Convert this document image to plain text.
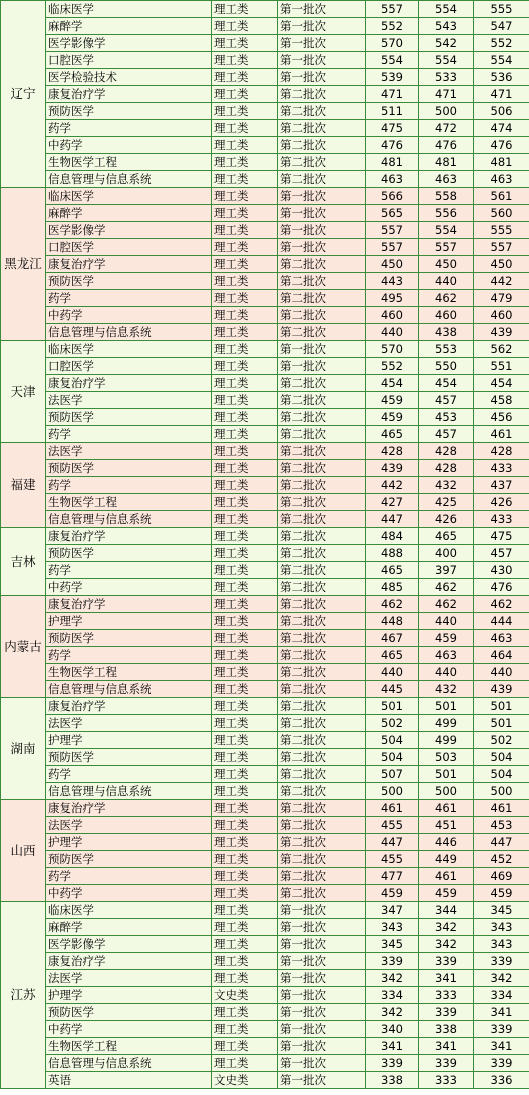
辽宁	临床医学	理工类	第一批次	557	554	555
	麻醉学	理工类	第一批次	552	543	547
	医学影像学	理工类	第一批次	570	542	552
	口腔医学	理工类	第一批次	554	554	554
	医学检验技术	理工类	第一批次	539	533	536
	康复治疗学	理工类	第二批次	471	471	471
	预防医学	理工类	第二批次	511	500	506
	药学	理工类	第二批次	475	472	474
	中药学	理工类	第二批次	476	476	476
	生物医学工程	理工类	第二批次	481	481	481
	信息管理与信息系统	理工类	第二批次	463	463	463
黑龙江	临床医学	理工类	第一批次	566	558	561
	麻醉学	理工类	第一批次	565	556	560
	医学影像学	理工类	第一批次	557	554	555
	口腔医学	理工类	第一批次	557	557	557
	康复治疗学	理工类	第二批次	450	450	450
	预防医学	理工类	第二批次	443	440	442
	药学	理工类	第二批次	495	462	479
	中药学	理工类	第二批次	460	460	460
	信息管理与信息系统	理工类	第二批次	440	438	439
天津	临床医学	理工类	第一批次	570	553	562
	口腔医学	理工类	第一批次	552	550	551
	康复治疗学	理工类	第二批次	454	454	454
	法医学	理工类	第二批次	459	457	458
	预防医学	理工类	第二批次	459	453	456
	药学	理工类	第二批次	465	457	461
福建	法医学	理工类	第二批次	428	428	428
	预防医学	理工类	第二批次	439	428	433
	药学	理工类	第二批次	442	432	437
	生物医学工程	理工类	第二批次	427	425	426
	信息管理与信息系统	理工类	第二批次	447	426	433
吉林	康复治疗学	理工类	第二批次	484	465	475
	预防医学	理工类	第二批次	488	400	457
	药学	理工类	第二批次	465	397	430
	中药学	理工类	第二批次	485	462	476
内蒙古	康复治疗学	理工类	第二批次	462	462	462
	护理学	理工类	第二批次	448	440	444
	预防医学	理工类	第二批次	467	459	463
	药学	理工类	第二批次	465	463	464
	生物医学工程	理工类	第二批次	440	440	440
	信息管理与信息系统	理工类	第二批次	445	432	439
湖南	康复治疗学	理工类	第二批次	501	501	501
	法医学	理工类	第二批次	502	499	501
	护理学	理工类	第二批次	504	499	502
	预防医学	理工类	第二批次	504	503	504
	药学	理工类	第二批次	507	501	504
	信息管理与信息系统	理工类	第二批次	500	500	500
山西	康复治疗学	理工类	第二批次	461	461	461
	法医学	理工类	第二批次	455	451	453
	护理学	理工类	第二批次	447	446	447
	预防医学	理工类	第二批次	455	449	452
	药学	理工类	第二批次	477	461	469
	中药学	理工类	第二批次	459	459	459
江苏	临床医学	理工类	第一批次	347	344	345
	麻醉学	理工类	第一批次	343	342	343
	医学影像学	理工类	第一批次	345	342	343
	康复治疗学	理工类	第一批次	339	339	339
	法医学	理工类	第一批次	342	341	342
	护理学	文史类	第一批次	334	333	334
	预防医学	理工类	第一批次	342	339	341
	中药学	理工类	第一批次	340	338	339
	生物医学工程	理工类	第一批次	341	341	341
	信息管理与信息系统	理工类	第一批次	339	339	339
	英语	文史类	第一批次	338	333	336
